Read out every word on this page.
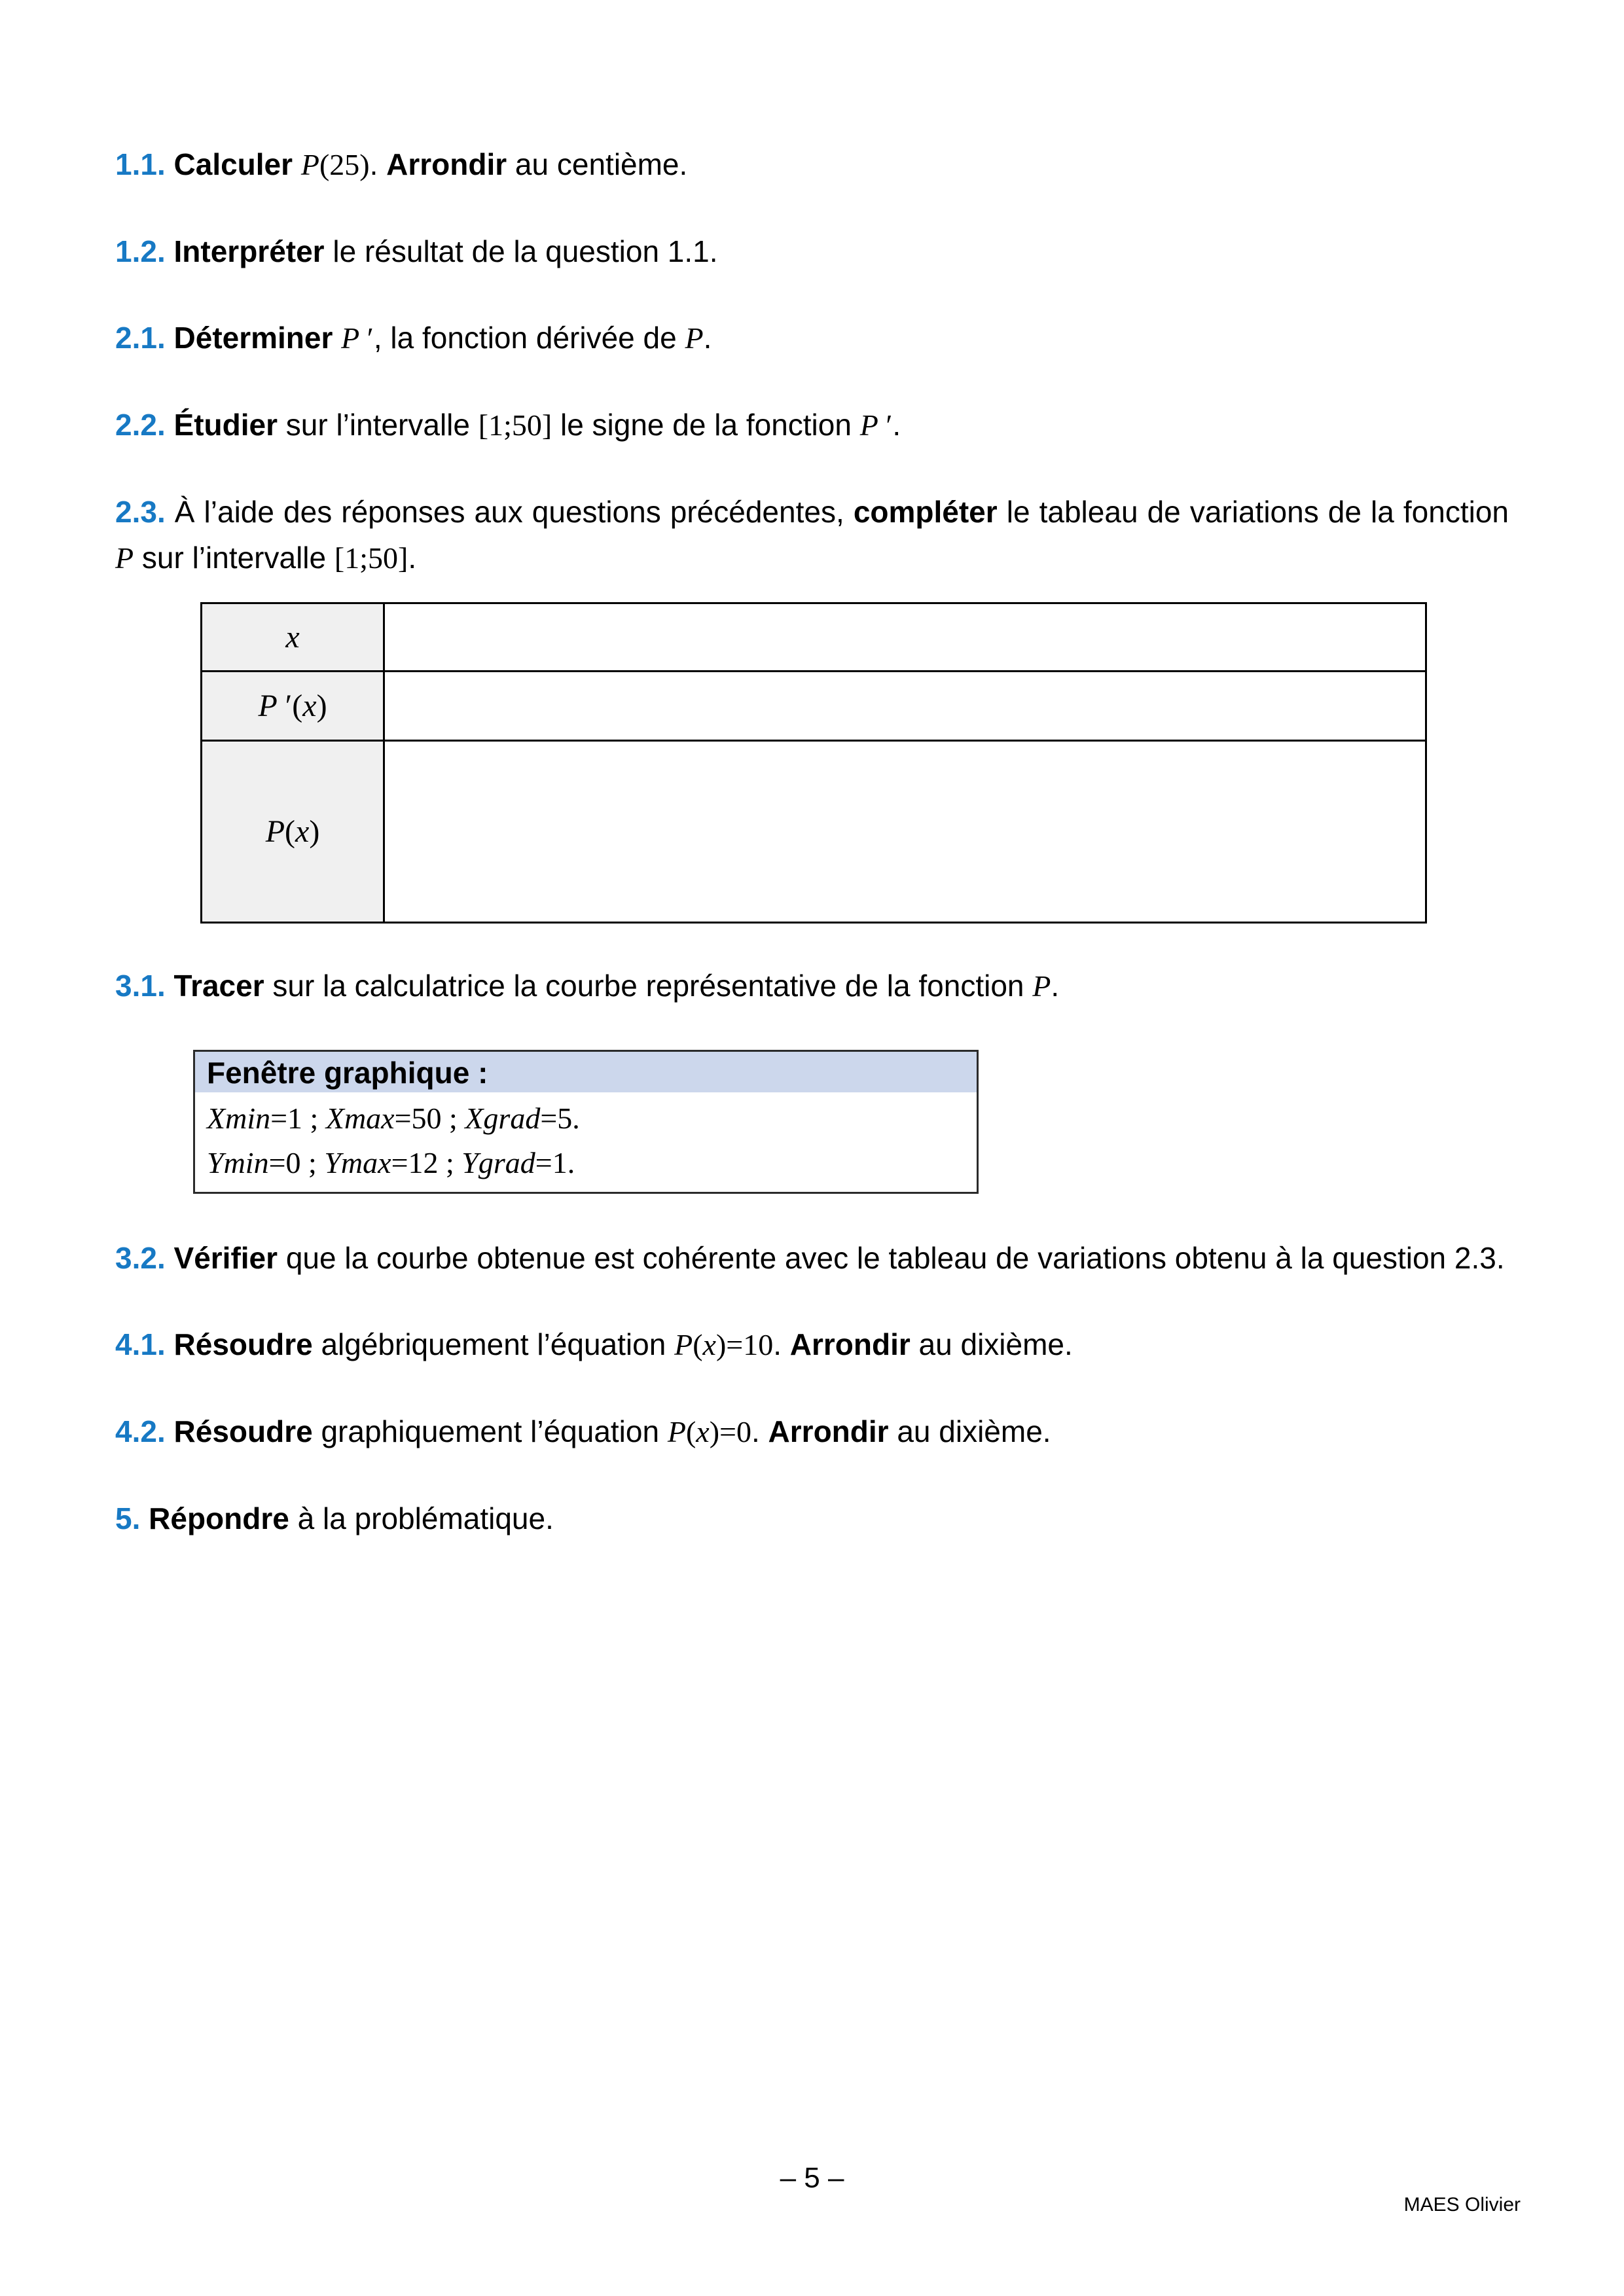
1.1. Calculer P(25). Arrondir au centième.

1.2. Interpréter le résultat de la question 1.1.

2.1. Déterminer P ′, la fonction dérivée de P.

2.2. Étudier sur l’intervalle [1;50] le signe de la fonction P ′.

2.3. À l’aide des réponses aux questions précédentes, compléter le tableau de variations de la fonction P sur l’intervalle [1;50].

x	
P ′(x)	
P(x)	

3.1. Tracer sur la calculatrice la courbe représentative de la fonction P.

Fenêtre graphique :
Xmin=1 ; Xmax=50 ; Xgrad=5.
Ymin=0 ; Ymax=12 ; Ygrad=1.

3.2. Vérifier que la courbe obtenue est cohérente avec le tableau de variations obtenu à la question 2.3.

4.1. Résoudre algébriquement l’équation P(x)=10. Arrondir au dixième.

4.2. Résoudre graphiquement l’équation P(x)=0. Arrondir au dixième.

5. Répondre à la problématique.

– 5 –
MAES Olivier
